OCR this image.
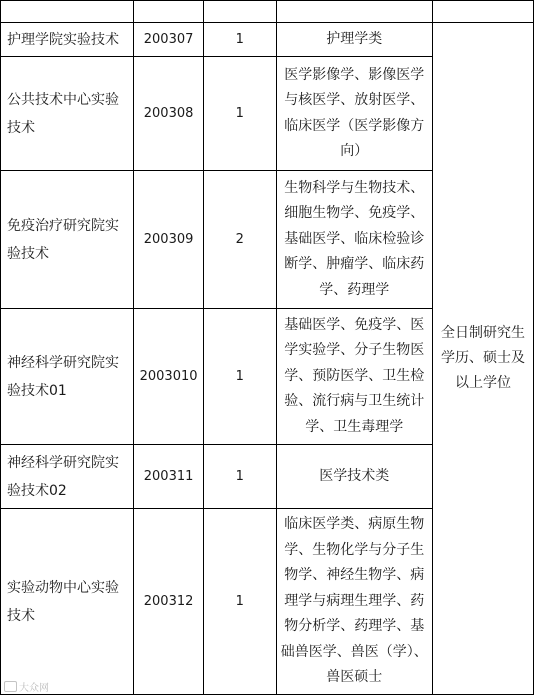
护理学院实验技术	200307	1	护理学类	全日制研究生学历、硕士及以上学位
公共技术中心实验技术	200308	1	医学影像学、影像医学与核医学、放射医学、临床医学（医学影像方向）	
免疫治疗研究院实验技术	200309	2	生物科学与生物技术、细胞生物学、免疫学、基础医学、临床检验诊断学、肿瘤学、临床药学、药理学	
神经科学研究院实验技术01	2003010	1	基础医学、免疫学、医学实验学、分子生物医学、预防医学、卫生检验、流行病与卫生统计学、卫生毒理学	
神经科学研究院实验技术02	200311	1	医学技术类	
实验动物中心实验技术	200312	1	临床医学类、病原生物学、生物化学与分子生物学、神经生物学、病理学与病理生理学、药物分析学、药理学、基础兽医学、兽医（学）、兽医硕士	
大众网
